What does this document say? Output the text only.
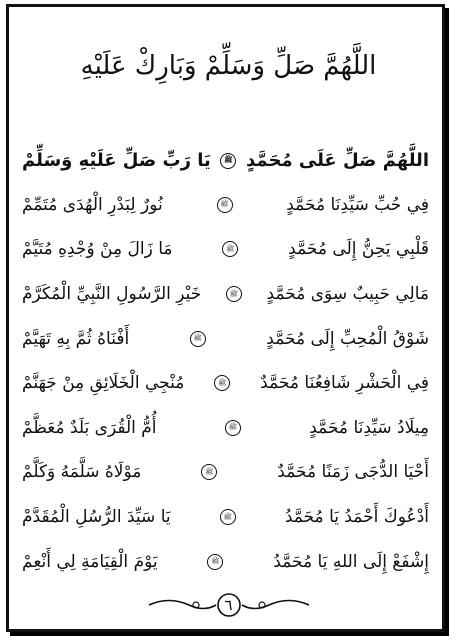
اللَّهُمَّ صَلِّ وَسَلِّمْ وَبَارِكْ عَلَيْهِ
اللَّهُمَّ صَلِّ عَلَى مُحَمَّدٍ
ﷺ
يَا رَبِّ صَلِّ عَلَيْهِ وَسَلِّمْ
فِي حُبِّ سَيِّدِنَا مُحَمَّدٍ
ﷺ
نُورٌ لِبَدْرِ الْهُدَى مُتَمِّمْ
قَلْبِي يَحِنُّ إِلَى مُحَمَّدٍ
ﷺ
مَا زَالَ مِنْ وُجْدِهِ مُتَيَّمْ
مَالِي حَبِيبٌ سِوَى مُحَمَّدٍ
ﷺ
خَيْرِ الرَّسُولِ النَّبِيِّ الْمُكَرَّمْ
شَوْقُ الْمُحِبِّ إِلَى مُحَمَّدٍ
ﷺ
أَفْنَاهُ ثُمَّ بِهِ تَهَيَّمْ
فِي الْحَشْرِ شَافِعُنَا مُحَمَّدٌ
ﷺ
مُنْجِي الْخَلَائِقِ مِنْ جَهَنَّمْ
مِيلَادُ سَيِّدِنَا مُحَمَّدٍ
ﷺ
أُمُّ الْقُرَى بَلَدٌ مُعَظَّمْ
أَحْيَا الدُّجَى زَمَنًا مُحَمَّدٌ
ﷺ
مَوْلَاهُ سَلَّمَهُ وَكَلَّمْ
أَدْعُوكَ أَحْمَدُ يَا مُحَمَّدُ
ﷺ
يَا سَيِّدَ الرُّسُلِ الْمُقَدَّمْ
إِشْفَعْ إِلَى اللهِ يَا مُحَمَّدُ
ﷺ
يَوْمَ الْقِيَامَةِ لِي أَنْعِمْ
٦
